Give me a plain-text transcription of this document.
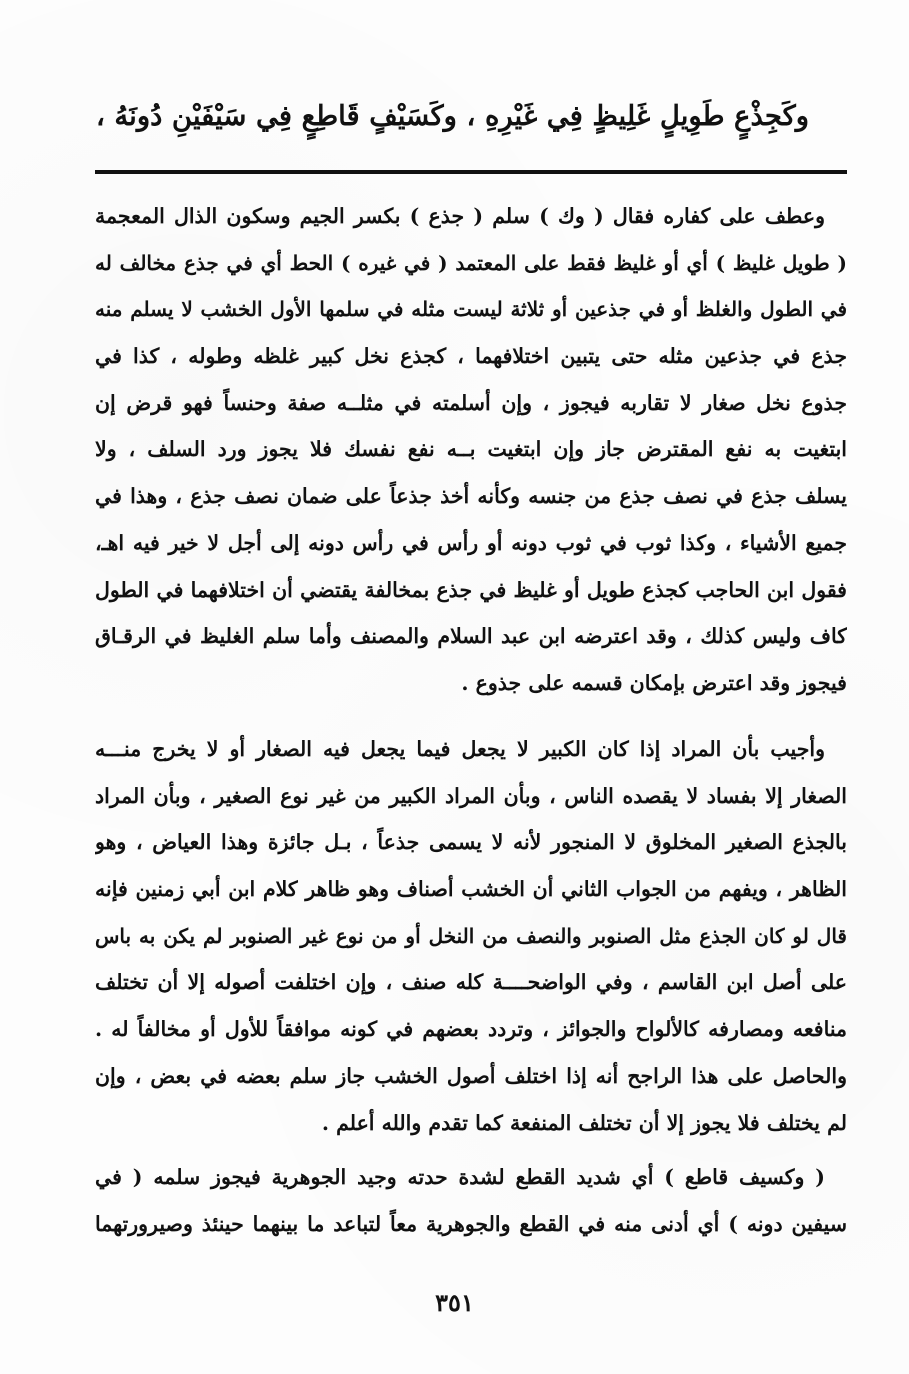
وكَجِذْعٍ طَوِيلٍ غَلِيظٍ فِي غَيْرِهِ ، وكَسَيْفٍ قَاطِعٍ فِي سَيْفَيْنِ دُونَهُ ،
وعطف على كفاره فقال ( وك ) سلم ( جذع ) بكسر الجيم وسكون الذال المعجمة
( طويل غليظ ) أي أو غليظ فقط على المعتمد ( في غيره ) الحط أي في جذع مخالف له
في الطول والغلظ أو في جذعين أو ثلاثة ليست مثله في سلمها الأول الخشب لا يسلم منه
جذع في جذعين مثله حتى يتبين اختلافهما ، كجذع نخل كبير غلظه وطوله ، كذا في
جذوع نخل صغار لا تقاربه فيجوز ، وإن أسلمته في مثلــه صفة وحنساً فهو قرض إن
ابتغيت به نفع المقترض جاز وإن ابتغيت بــه نفع نفسك فلا يجوز ورد السلف ، ولا
يسلف جذع في نصف جذع من جنسه وكأنه أخذ جذعاً على ضمان نصف جذع ، وهذا في
جميع الأشياء ، وكذا ثوب في ثوب دونه أو رأس في رأس دونه إلى أجل لا خير فيه اهـ،
فقول ابن الحاجب كجذع طويل أو غليظ في جذع بمخالفة يقتضي أن اختلافهما في الطول
كاف وليس كذلك ، وقد اعترضه ابن عبد السلام والمصنف وأما سلم الغليظ في الرقـاق
فيجوز وقد اعترض بإمكان قسمه على جذوع .
وأجيب بأن المراد إذا كان الكبير لا يجعل فيما يجعل فيه الصغار أو لا يخرج منـــه
الصغار إلا بفساد لا يقصده الناس ، وبأن المراد الكبير من غير نوع الصغير ، وبأن المراد
بالجذع الصغير المخلوق لا المنجور لأنه لا يسمى جذعاً ، بـل جائزة وهذا العياض ، وهو
الظاهر ، ويفهم من الجواب الثاني أن الخشب أصناف وهو ظاهر كلام ابن أبي زمنين فإنه
قال لو كان الجذع مثل الصنوبر والنصف من النخل أو من نوع غير الصنوبر لم يكن به باس
على أصل ابن القاسم ، وفي الواضحــــة كله صنف ، وإن اختلفت أصوله إلا أن تختلف
منافعه ومصارفه كالألواح والجوائز ، وتردد بعضهم في كونه موافقاً للأول أو مخالفاً له .
والحاصل على هذا الراجح أنه إذا اختلف أصول الخشب جاز سلم بعضه في بعض ، وإن
لم يختلف فلا يجوز إلا أن تختلف المنفعة كما تقدم والله أعلم .
( وكسيف قاطع ) أي شديد القطع لشدة حدته وجيد الجوهرية فيجوز سلمه ( في
سيفين دونه ) أي أدنى منه في القطع والجوهرية معاً لتباعد ما بينهما حينئذ وصيرورتهما
٣٥١
